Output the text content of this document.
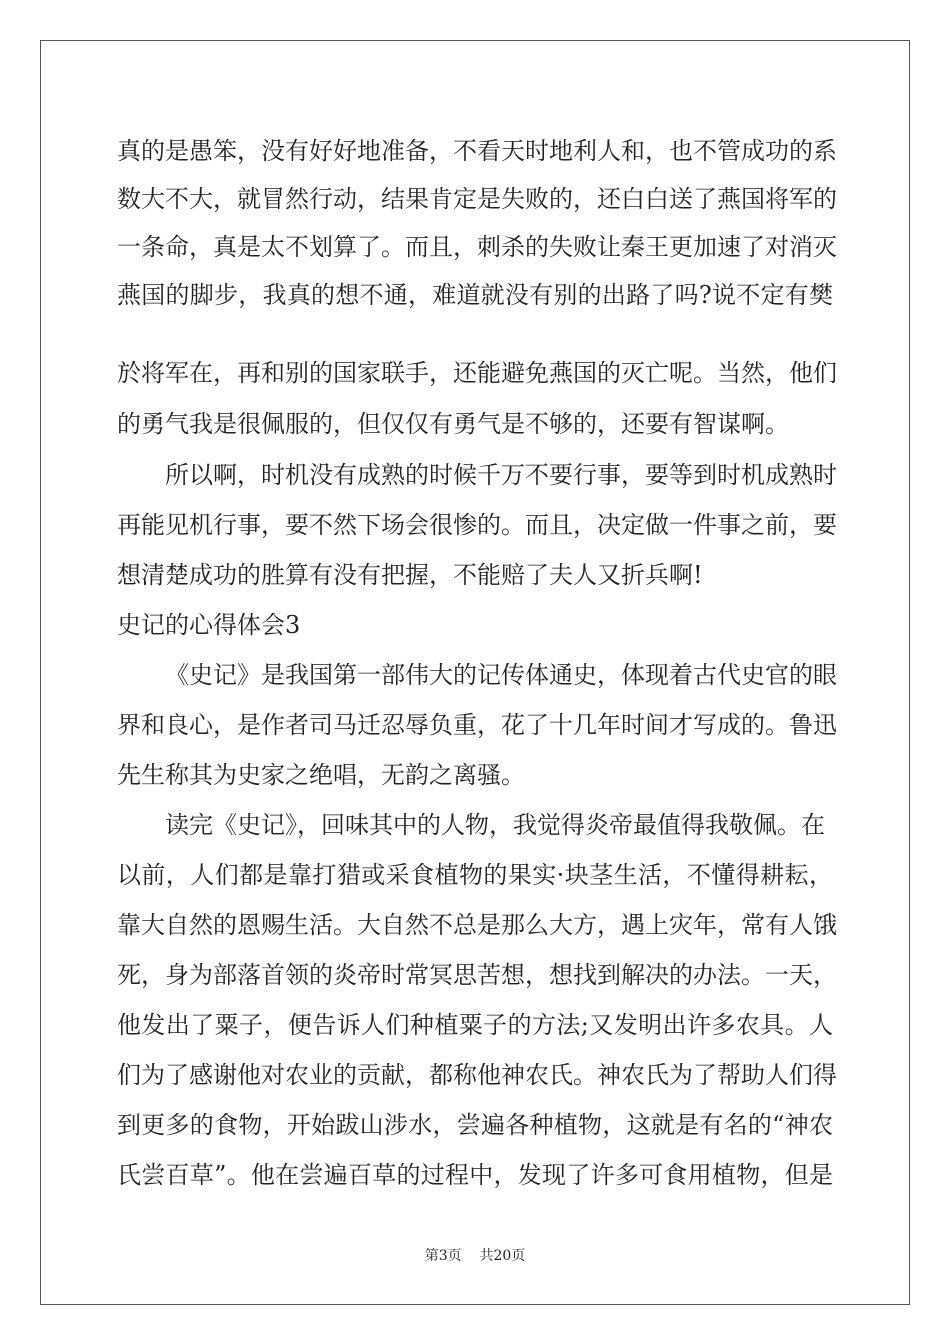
真的是愚笨，没有好好地准备，不看天时地利人和，也不管成功的系
数大不大，就冒然行动，结果肯定是失败的，还白白送了燕国将军的
一条命，真是太不划算了。而且，刺杀的失败让秦王更加速了对消灭
燕国的脚步，我真的想不通，难道就没有别的出路了吗?说不定有樊
於将军在，再和别的国家联手，还能避免燕国的灭亡呢。当然，他们
的勇气我是很佩服的，但仅仅有勇气是不够的，还要有智谋啊。
所以啊，时机没有成熟的时候千万不要行事，要等到时机成熟时
再能见机行事，要不然下场会很惨的。而且，决定做一件事之前，要
想清楚成功的胜算有没有把握，不能赔了夫人又折兵啊!
史记的心得体会3
《史记》是我国第一部伟大的记传体通史，体现着古代史官的眼
界和良心，是作者司马迁忍辱负重，花了十几年时间才写成的。鲁迅
先生称其为史家之绝唱，无韵之离骚。
读完《史记》，回味其中的人物，我觉得炎帝最值得我敬佩。在
以前，人们都是靠打猎或采食植物的果实·块茎生活，不懂得耕耘，
靠大自然的恩赐生活。大自然不总是那么大方，遇上灾年，常有人饿
死，身为部落首领的炎帝时常冥思苦想，想找到解决的办法。一天，
他发出了粟子，便告诉人们种植粟子的方法;又发明出许多农具。人
们为了感谢他对农业的贡献，都称他神农氏。神农氏为了帮助人们得
到更多的食物，开始跋山涉水，尝遍各种植物，这就是有名的“神农
氏尝百草”。他在尝遍百草的过程中，发现了许多可食用植物，但是
第3页 共20页
